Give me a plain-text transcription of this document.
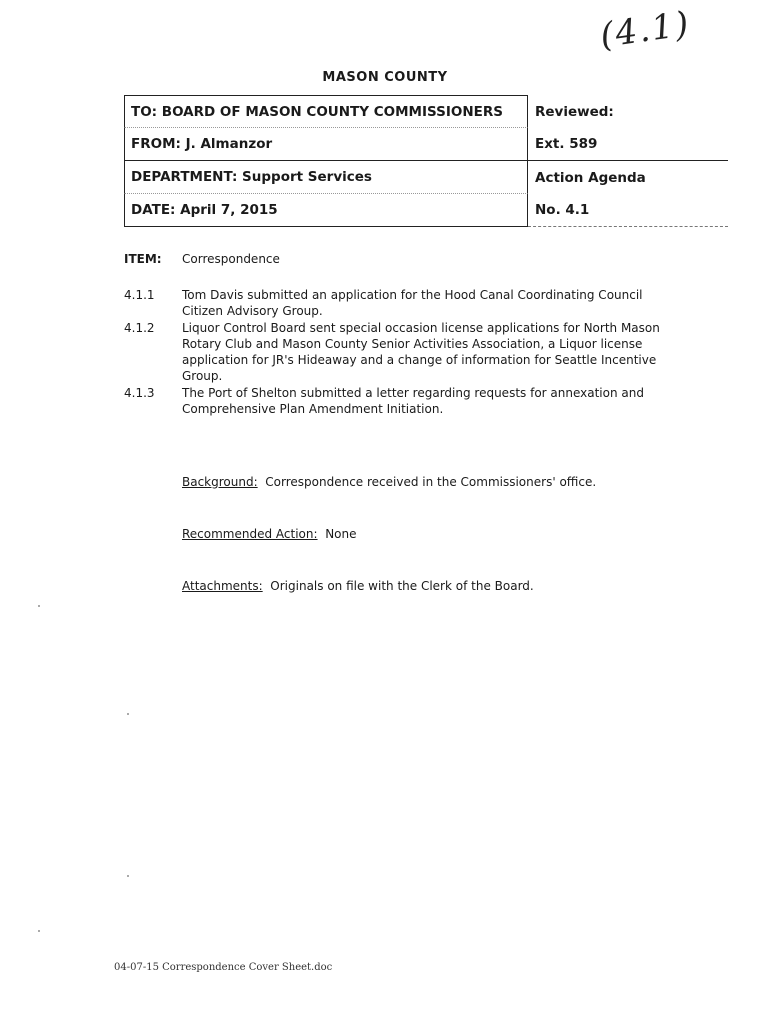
(4.1)
MASON COUNTY
TO: BOARD OF MASON COUNTY COMMISSIONERS	Reviewed:
FROM: J. Almanzor	Ext. 589
DEPARTMENT: Support Services	Action Agenda
DATE: April 7, 2015	No. 4.1
ITEM: Correspondence
4.1.1	Tom Davis submitted an application for the Hood Canal Coordinating Council Citizen Advisory Group.
4.1.2	Liquor Control Board sent special occasion license applications for North Mason Rotary Club and Mason County Senior Activities Association, a Liquor license application for JR's Hideaway and a change of information for Seattle Incentive Group.
4.1.3	The Port of Shelton submitted a letter regarding requests for annexation and Comprehensive Plan Amendment Initiation.
Background: Correspondence received in the Commissioners' office.
Recommended Action: None
Attachments: Originals on file with the Clerk of the Board.
04-07-15 Correspondence Cover Sheet.doc
